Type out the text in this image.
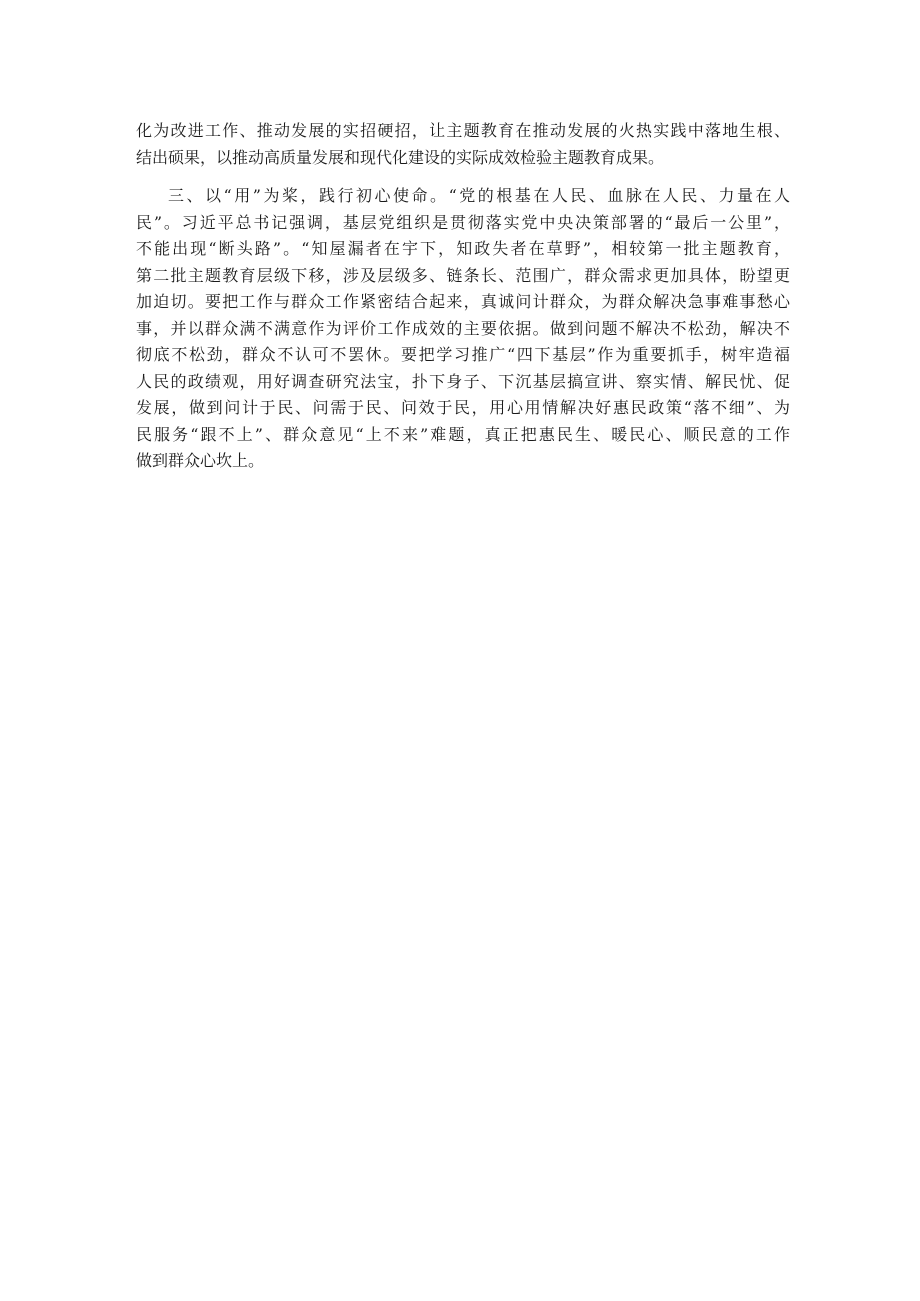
化为改进工作、推动发展的实招硬招，让主题教育在推动发展的火热实践中落地生根、
结出硕果，以推动高质量发展和现代化建设的实际成效检验主题教育成果。
三、以“用”为桨，践行初心使命。“党的根基在人民、血脉在人民、力量在人
民”。习近平总书记强调，基层党组织是贯彻落实党中央决策部署的“最后一公里”，
不能出现“断头路”。“知屋漏者在宇下，知政失者在草野”，相较第一批主题教育，
第二批主题教育层级下移，涉及层级多、链条长、范围广，群众需求更加具体，盼望更
加迫切。要把工作与群众工作紧密结合起来，真诚问计群众，为群众解决急事难事愁心
事，并以群众满不满意作为评价工作成效的主要依据。做到问题不解决不松劲，解决不
彻底不松劲，群众不认可不罢休。要把学习推广“四下基层”作为重要抓手，树牢造福
人民的政绩观，用好调查研究法宝，扑下身子、下沉基层搞宣讲、察实情、解民忧、促
发展，做到问计于民、问需于民、问效于民，用心用情解决好惠民政策“落不细”、为
民服务“跟不上”、群众意见“上不来”难题，真正把惠民生、暖民心、顺民意的工作
做到群众心坎上。
